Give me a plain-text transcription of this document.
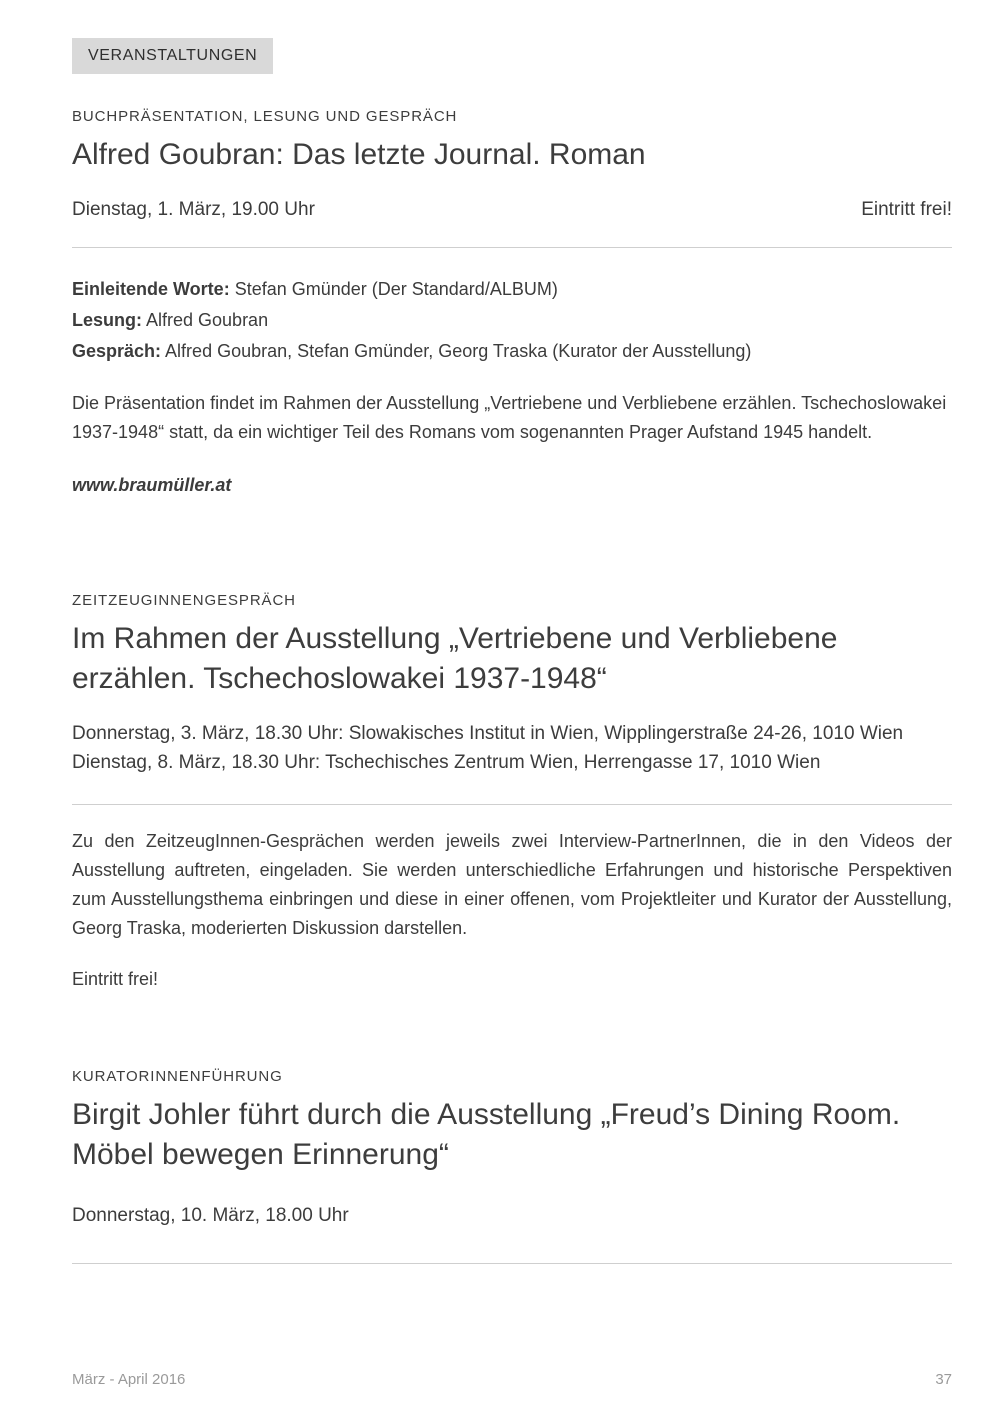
VERANSTALTUNGEN
BUCHPRÄSENTATION, LESUNG UND GESPRÄCH
Alfred Goubran: Das letzte Journal. Roman
Dienstag, 1. März, 19.00 Uhr	Eintritt frei!
Einleitende Worte: Stefan Gmünder (Der Standard/ALBUM)
Lesung: Alfred Goubran
Gespräch: Alfred Goubran, Stefan Gmünder, Georg Traska (Kurator der Ausstellung)

Die Präsentation findet im Rahmen der Ausstellung „Vertriebene und Verbliebene erzählen. Tschechoslowakei 1937-1948“ statt, da ein wichtiger Teil des Romans vom sogenannten Prager Aufstand 1945 handelt.

www.braumüller.at
ZEITZEUGINNENGESPRÄCH
Im Rahmen der Ausstellung „Vertriebene und Verbliebene erzählen. Tschechoslowakei 1937-1948“
Donnerstag, 3. März, 18.30 Uhr: Slowakisches Institut in Wien, Wipplingerstraße 24-26, 1010 Wien
Dienstag, 8. März, 18.30 Uhr: Tschechisches Zentrum Wien, Herrengasse 17, 1010 Wien

Zu den ZeitzeugInnen-Gesprächen werden jeweils zwei Interview-PartnerInnen, die in den Videos der Ausstellung auftreten, eingeladen. Sie werden unterschiedliche Erfahrungen und historische Perspektiven zum Ausstellungsthema einbringen und diese in einer offenen, vom Projektleiter und Kurator der Ausstellung, Georg Traska, moderierten Diskussion darstellen.

Eintritt frei!
KURATORINNENFÜHRUNG
Birgit Johler führt durch die Ausstellung „Freud’s Dining Room. Möbel bewegen Erinnerung“
Donnerstag, 10. März, 18.00 Uhr
März - April 2016	37
